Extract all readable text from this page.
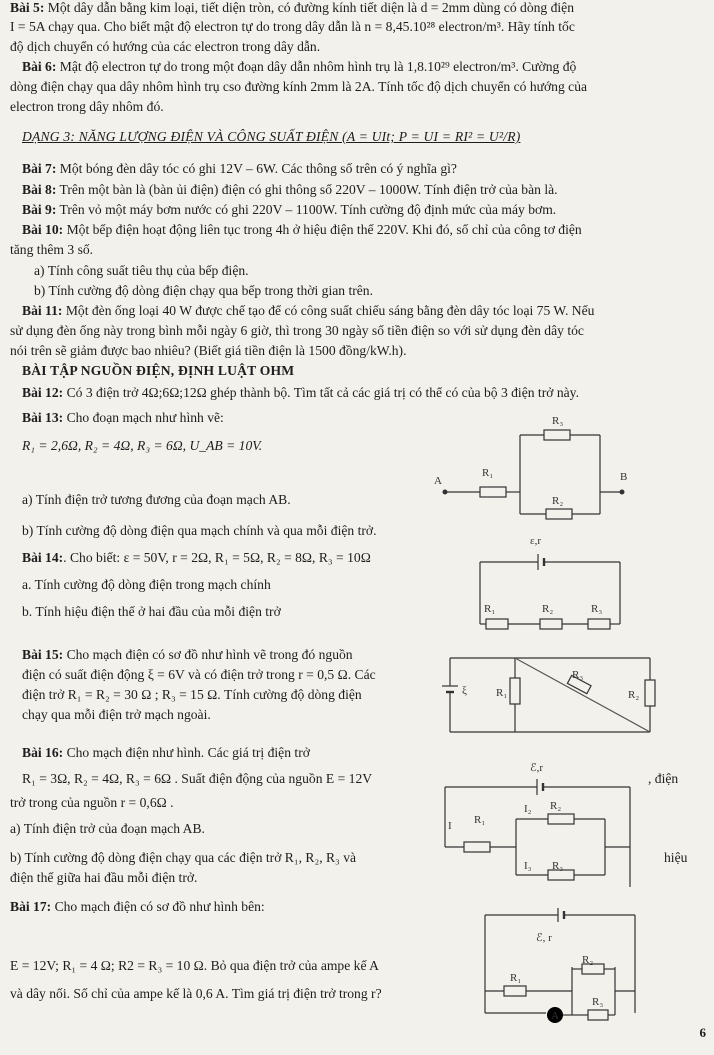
Bài 5: Một dây dẫn bằng kim loại, tiết diện tròn, có đường kính tiết diện là d = 2mm dùng có dòng điện
I = 5A chạy qua. Cho biết mật độ electron tự do trong dây dẫn là n = 8,45.10²⁸ electron/m³. Hãy tính tốc
độ dịch chuyển có hướng của các electron trong dây dẫn.
Bài 6: Mật độ electron tự do trong một đoạn dây dẫn nhôm hình trụ là 1,8.10²⁹ electron/m³. Cường độ
dòng điện chạy qua dây nhôm hình trụ cso đường kính 2mm là 2A. Tính tốc độ dịch chuyển có hướng của
electron trong dây nhôm đó.
DẠNG 3: NĂNG LƯỢNG ĐIỆN VÀ CÔNG SUẤT ĐIỆN (A = UIt; P = UI = RI² = U²/R)
Bài 7: Một bóng đèn dây tóc có ghi 12V – 6W. Các thông số trên có ý nghĩa gì?
Bài 8: Trên một bàn là (bàn ủi điện) điện có ghi thông số 220V – 1000W. Tính điện trở của bàn là.
Bài 9: Trên vỏ một máy bơm nước có ghi 220V – 1100W. Tính cường độ định mức của máy bơm.
Bài 10: Một bếp điện hoạt động liên tục trong 4h ở hiệu điện thế 220V. Khi đó, số chỉ của công tơ điện
tăng thêm 3 số.
a) Tính công suất tiêu thụ của bếp điện.
b) Tính cường độ dòng điện chạy qua bếp trong thời gian trên.
Bài 11: Một đèn ống loại 40 W được chế tạo để có công suất chiếu sáng bằng đèn dây tóc loại 75 W. Nếu
sử dụng đèn ống này trong bình mỗi ngày 6 giờ, thì trong 30 ngày số tiền điện so với sử dụng đèn dây tóc
nói trên sẽ giảm được bao nhiêu? (Biết giá tiền điện là 1500 đồng/kW.h).
BÀI TẬP NGUỒN ĐIỆN, ĐỊNH LUẬT OHM
Bài 12: Có 3 điện trở 4Ω;6Ω;12Ω ghép thành bộ. Tìm tất cả các giá trị có thể có của bộ 3 điện trở này.
Bài 13: Cho đoạn mạch như hình vẽ:
R₁ = 2,6Ω, R₂ = 4Ω, R₃ = 6Ω, U_AB = 10V.
a) Tính điện trở tương đương của đoạn mạch AB.
b) Tính cường độ dòng điện qua mạch chính và qua mỗi điện trở.
R₃
A	B
R₁
R₂
Bài 14:. Cho biết: ε = 50V, r = 2Ω, R₁ = 5Ω, R₂ = 8Ω, R₃ = 10Ω
a. Tính cường độ dòng điện trong mạch chính
b. Tính hiệu điện thế ở hai đầu của mỗi điện trở
ε,r
R₁	R₂	R₃
Bài 15: Cho mạch điện có sơ đồ như hình vẽ trong đó nguồn
điện có suất điện động ξ = 6V và có điện trở trong r = 0,5 Ω. Các
điện trở R₁ = R₂ = 30 Ω ; R₃ = 15 Ω. Tính cường độ dòng điện
chạy qua mỗi điện trở mạch ngoài.
ξ	R₁
R₃
R₂
Bài 16: Cho mạch điện như hình. Các giá trị điện trở
R₁ = 3Ω, R₂ = 4Ω, R₃ = 6Ω . Suất điện động của nguồn E = 12V	, điện
trở trong của nguồn r = 0,6Ω .
a) Tính điện trở của đoạn mạch AB.
b) Tính cường độ dòng điện chạy qua các điện trở R₁, R₂, R₃ và	hiệu
điện thế giữa hai đầu mỗi điện trở.
ℰ,r
I R₁
I₂ R₂
I₃ R₃
Bài 17: Cho mạch điện có sơ đồ như hình bên:
E = 12V; R₁ = 4 Ω; R2 = R₃ = 10 Ω. Bỏ qua điện trở của ampe kế A
và dây nối. Số chỉ của ampe kế là 0,6 A. Tìm giá trị điện trở trong r?
ℰ, r
R₁
R₂
R₃
A
6
